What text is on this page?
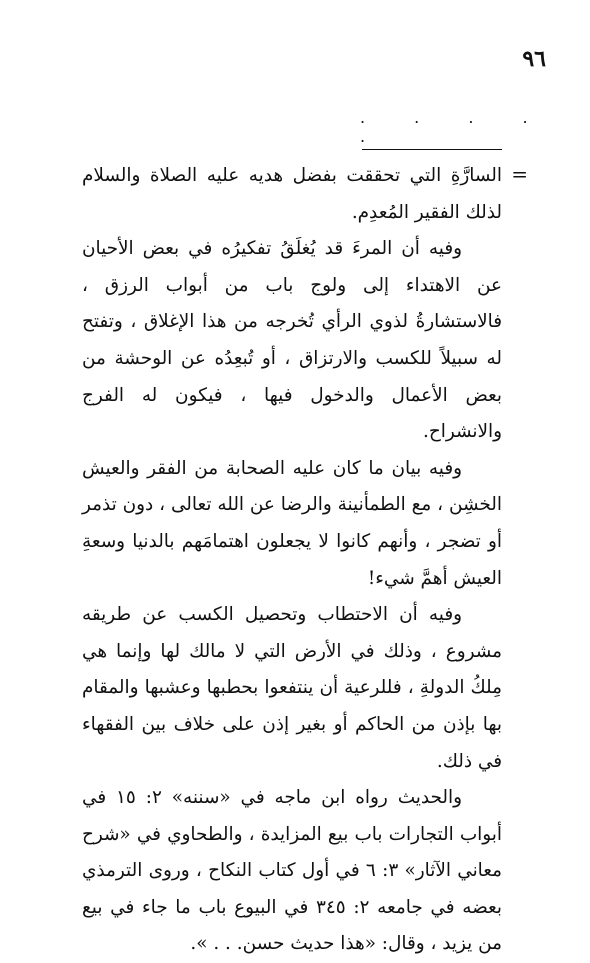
٩٦
. . . . .
=

السارَّةِ التي تحققت بفضل هديه عليه الصلاة والسلام لذلك الفقير المُعدِم.

وفيه أن المرءَ قد يُغلَقُ تفكيرُه في بعض الأحيان عن الاهتداء إلى ولوج باب من أبواب الرزق ، فالاستشارةُ لذوي الرأي تُخرجه من هذا الإغلاق ، وتفتح له سبيلاً للكسب والارتزاق ، أو تُبعِدُه عن الوحشة من بعض الأعمال والدخول فيها ، فيكون له الفرج والانشراح.

وفيه بيان ما كان عليه الصحابة من الفقر والعيش الخشِن ، مع الطمأنينة والرضا عن الله تعالى ، دون تذمر أو تضجر ، وأنهم كانوا لا يجعلون اهتمامَهم بالدنيا وسعةِ العيش أهمَّ شيء!

وفيه أن الاحتطاب وتحصيل الكسب عن طريقه مشروع ، وذلك في الأرض التي لا مالك لها وإنما هي مِلكُ الدولةِ ، فللرعية أن ينتفعوا بحطبها وعشبها والمقام بها بإذن من الحاكم أو بغير إذن على خلاف بين الفقهاء في ذلك.

والحديث رواه ابن ماجه في «سننه» ٢: ١٥ في أبواب التجارات باب بيع المزايدة ، والطحاوي في «شرح معاني الآثار» ٣: ٦ في أول كتاب النكاح ، وروى الترمذي بعضه في جامعه ٢: ٣٤٥ في البيوع باب ما جاء في بيع من يزيد ، وقال: «هذا حديث حسن. . . ».
